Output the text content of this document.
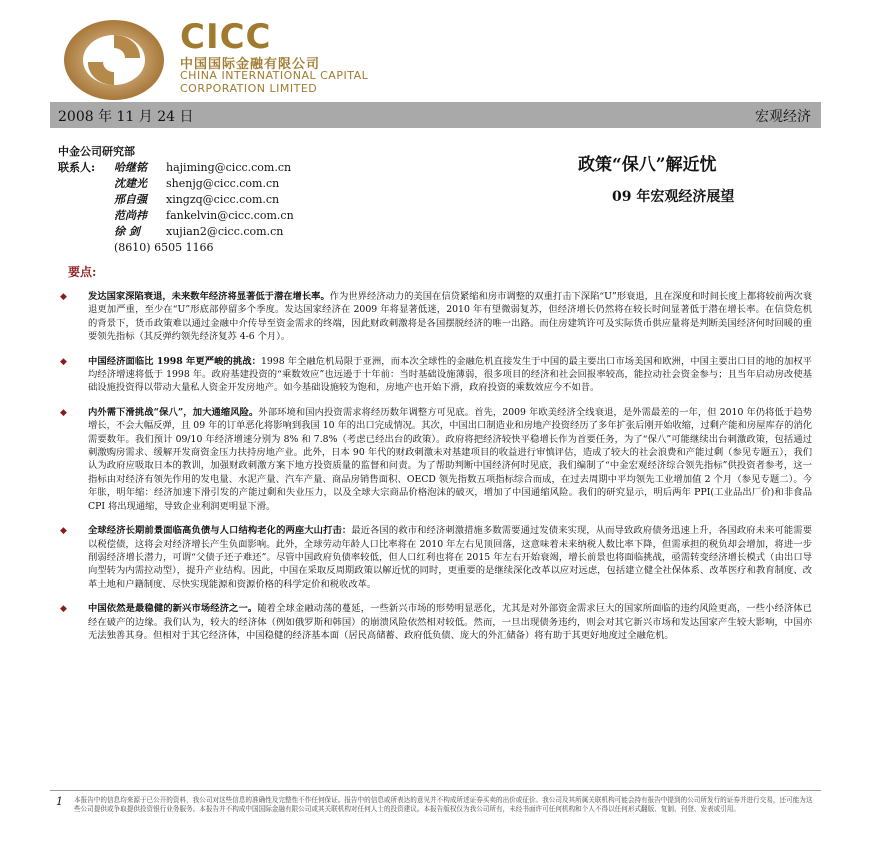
CICC
中国国际金融有限公司
CHINA INTERNATIONAL CAPITAL
CORPORATION LIMITED
2008 年 11 月 24 日	宏观经济
中金公司研究部
联系人:	哈继铭	hajiming@cicc.com.cn
沈建光	shenjg@cicc.com.cn
邢自强	xingzq@cicc.com.cn
范尚祎	fankelvin@cicc.com.cn
徐 剑	xujian2@cicc.com.cn
(8610) 6505 1166
政策“保八”解近忧
09 年宏观经济展望
要点:
◆ 发达国家深陷衰退，未来数年经济将显著低于潜在增长率。作为世界经济动力的美国在信贷紧缩和房市调整的双重打击下深陷“U”形衰退，且在深度和时间长度上都将较前两次衰退更加严重，至少在“U”形底部停留多个季度。发达国家经济在 2009 年将显著低迷，2010 年有望微弱复苏，但经济增长仍然将在较长时间显著低于潜在增长率。在信贷危机的背景下，货币政策难以通过金融中介传导至资金需求的终端，因此财政刺激将是各国摆脱经济的唯一出路。而住房建筑许可及实际货币供应量将是判断美国经济何时回暖的重要领先指标（其反弹约领先经济复苏 4-6 个月）。
◆ 中国经济面临比 1998 年更严峻的挑战：1998 年全融危机局限于亚洲，而本次全球性的金融危机直接发生于中国的最主要出口市场美国和欧洲，中国主要出口目的地的加权平均经济增速将低于 1998 年。政府基建投资的“乘数效应”也远逊于十年前：当时基础设施薄弱，很多项目的经济和社会回报率较高，能拉动社会资金参与；且当年启动房改使基础设施投资得以带动大量私人资金开发房地产。如今基础设施较为饱和，房地产也开始下滑，政府投资的乘数效应今不如昔。
◆ 内外需下滑挑战“保八”，加大通缩风险。外部环境和国内投资需求将经历数年调整方可见底。首先，2009 年欧美经济全线衰退，是外需最差的一年，但 2010 年仍将低于趋势增长，不会大幅反弹，且 09 年的订单恶化将影响到我国 10 年的出口完成情况。其次，中国出口制造业和房地产投资经历了多年扩张后刚开始收缩，过剩产能和房屋库存的消化需要数年。我们预计 09/10 年经济增速分别为 8% 和 7.8%（考虑已经出台的政策）。政府将把经济较快平稳增长作为首要任务，为了“保八”可能继续出台刺激政策，包括通过刺激购房需求、缓解开发商资金压力扶持房地产业。此外，日本 90 年代的财政刺激未对基建项目的收益进行审慎评估，造成了较大的社会浪费和产能过剩（参见专题五），我们认为政府应吸取日本的教训，加强财政刺激方案下地方投资质量的监督和问责。为了帮助判断中国经济何时见底，我们编制了“中金宏观经济综合领先指标”供投资者参考，这一指标由对经济有领先作用的发电量、水泥产量、汽车产量、商品房销售面积、OECD 领先指数五项指标综合而成，在过去周期中平均领先工业增加值 2 个月（参见专题二）。今年胀，明年缩：经济加速下滑引发的产能过剩和失业压力，以及全球大宗商品价格泡沫的破灭，增加了中国通缩风险。我们的研究显示，明后两年 PPI(工业品出厂价)和非食品 CPI 将出现通缩，导致企业利润更明显下滑。
◆ 全球经济长期前景面临高负债与人口结构老化的两座大山打击：最近各国的救市和经济刺激措施多数需要通过发债来实现，从而导致政府债务迅速上升，各国政府未来可能需要以税偿债，这将会对经济增长产生负面影响。此外，全球劳动年龄人口比率将在 2010 年左右见顶回落，这意味着未来纳税人数比率下降，但需承担的税负却会增加，将进一步削弱经济增长潜力，可谓“父债子还子难还”。尽管中国政府负债率较低，但人口红利也将在 2015 年左右开始衰竭，增长前景也将面临挑战，亟需转变经济增长模式（由出口导向型转为内需拉动型），提升产业结构。因此，中国在采取反周期政策以解近忧的同时，更重要的是继续深化改革以应对远虑，包括建立健全社保体系、改革医疗和教育制度、改革土地和户籍制度、尽快实现能源和资源价格的科学定价和税收改革。
◆ 中国依然是最稳健的新兴市场经济之一。随着全球金融动荡的蔓延，一些新兴市场的形势明显恶化，尤其是对外部资金需求巨大的国家所面临的违约风险更高，一些小经济体已经在破产的边缘。我们认为，较大的经济体（例如俄罗斯和韩国）的崩溃风险依然相对较低。然而，一旦出现债务违约，则会对其它新兴市场和发达国家产生较大影响，中国亦无法独善其身。但相对于其它经济体，中国稳健的经济基本面（居民高储蓄、政府低负债、庞大的外汇储备）将有助于其更好地度过全融危机。
1 本报告中的信息均来源于已公开的资料，我公司对这些信息的准确性及完整性不作任何保证。报告中的信息或所表达的意见并不构成所述证券买卖的出价或征价。我公司及其所属关联机构可能会持有报告中提到的公司所发行的证券并进行交易，还可能为这些公司提供或争取提供投资银行业务服务。本报告并不构成中国国际金融有限公司或其关联机构对任何人士的投资建议。本报告版权仅为我公司所有，未经书面许可任何机构和个人不得以任何形式翻版、复制、刊登、发表或引用。
